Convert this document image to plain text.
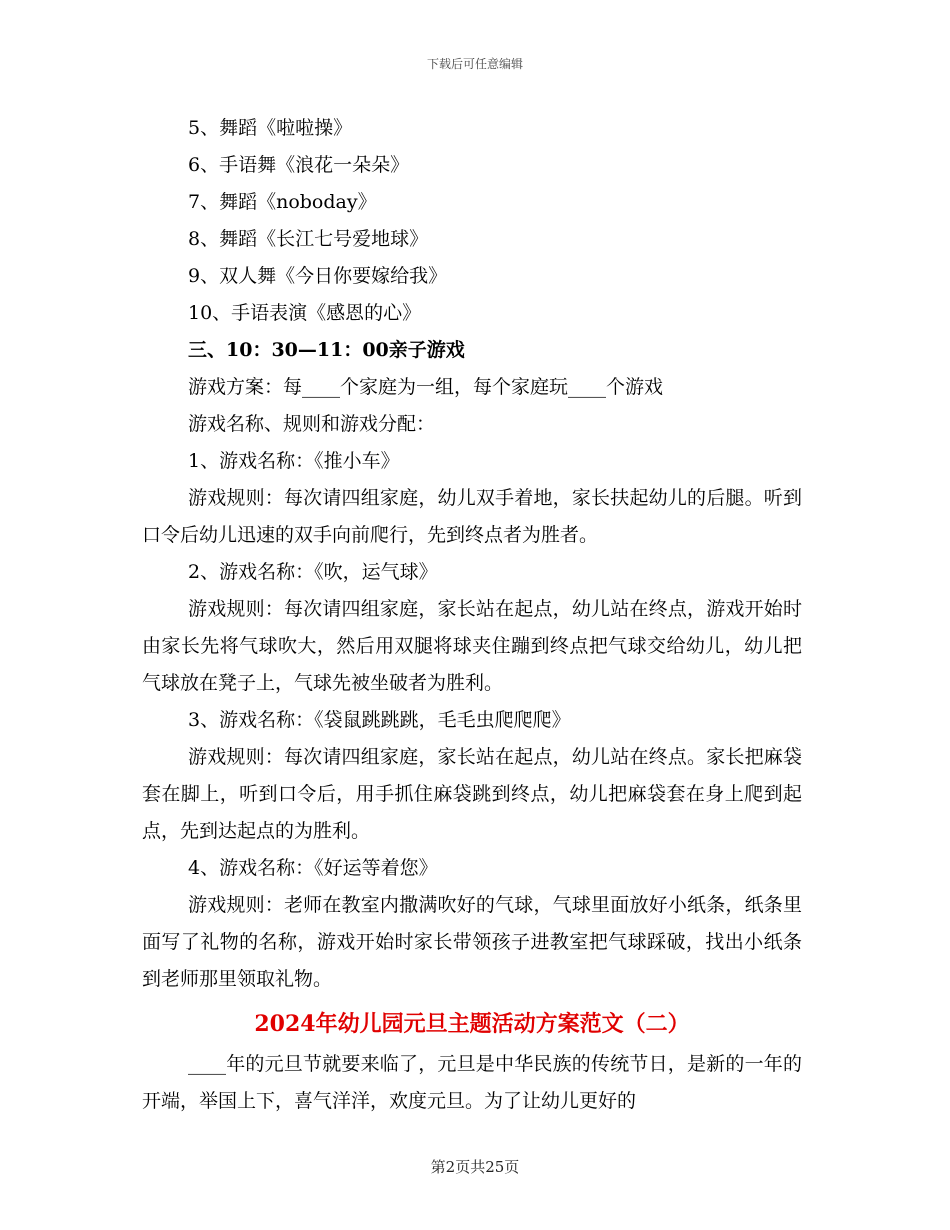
下载后可任意编辑
5、舞蹈《啦啦操》
6、手语舞《浪花一朵朵》
7、舞蹈《noboday》
8、舞蹈《长江七号爱地球》
9、双人舞《今日你要嫁给我》
10、手语表演《感恩的心》
三、10：30—11：00亲子游戏
游戏方案：每____个家庭为一组，每个家庭玩____个游戏
游戏名称、规则和游戏分配：
1、游戏名称：《推小车》

游戏规则：每次请四组家庭，幼儿双手着地，家长扶起幼儿的后腿。听到口令后幼儿迅速的双手向前爬行，先到终点者为胜者。

2、游戏名称：《吹，运气球》

游戏规则：每次请四组家庭，家长站在起点，幼儿站在终点，游戏开始时由家长先将气球吹大，然后用双腿将球夹住蹦到终点把气球交给幼儿，幼儿把气球放在凳子上，气球先被坐破者为胜利。

3、游戏名称：《袋鼠跳跳跳，毛毛虫爬爬爬》

游戏规则：每次请四组家庭，家长站在起点，幼儿站在终点。家长把麻袋套在脚上，听到口令后，用手抓住麻袋跳到终点，幼儿把麻袋套在身上爬到起点，先到达起点的为胜利。

4、游戏名称：《好运等着您》

游戏规则：老师在教室内撒满吹好的气球，气球里面放好小纸条，纸条里面写了礼物的名称，游戏开始时家长带领孩子进教室把气球踩破，找出小纸条到老师那里领取礼物。

2024年幼儿园元旦主题活动方案范文（二）

____年的元旦节就要来临了，元旦是中华民族的传统节日，是新的一年的开端，举国上下，喜气洋洋，欢度元旦。为了让幼儿更好的

第2页共25页
